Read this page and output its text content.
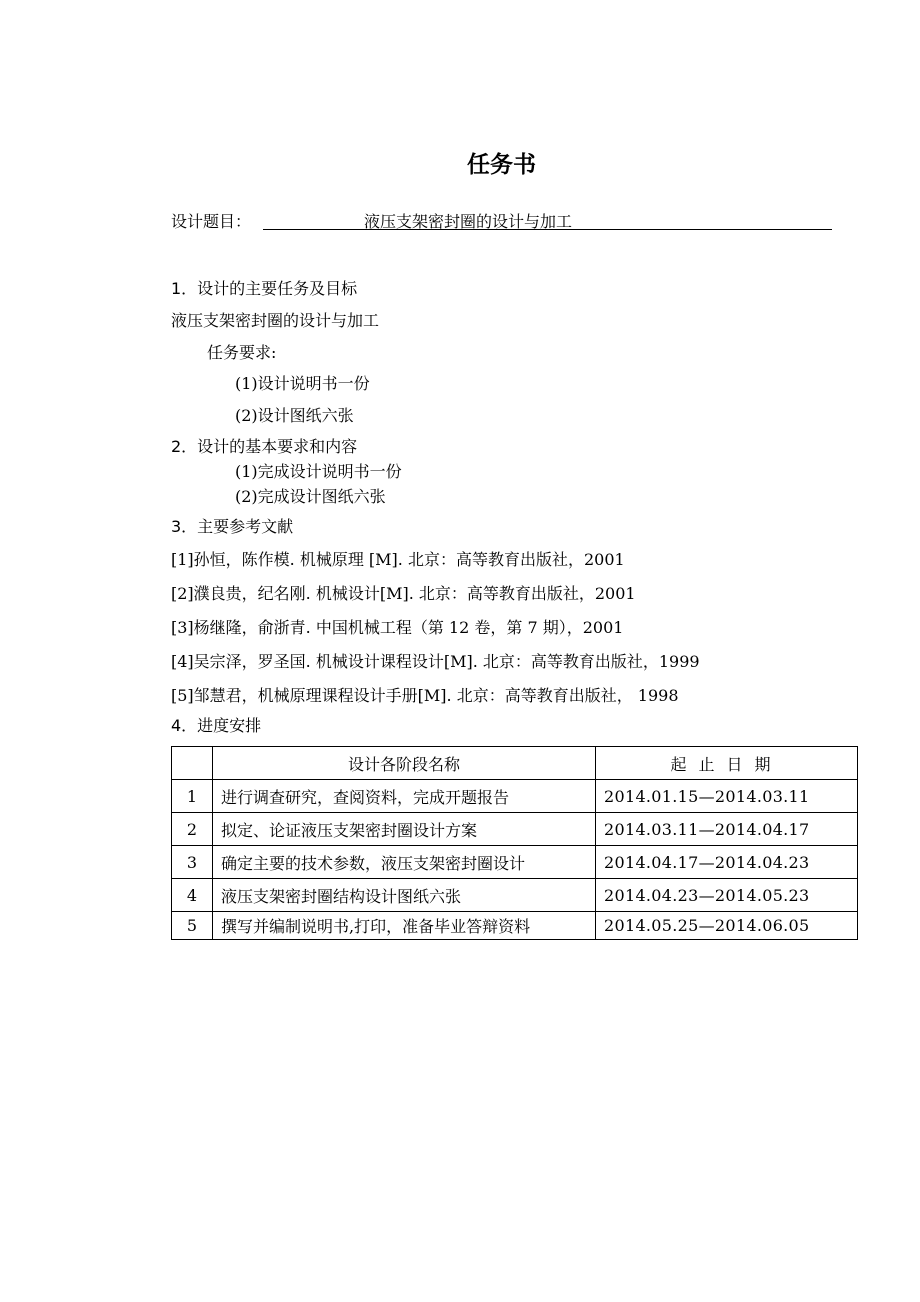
任务书
设计题目：	液压支架密封圈的设计与加工
1．设计的主要任务及目标
液压支架密封圈的设计与加工
任务要求:
(1)设计说明书一份
(2)设计图纸六张
2．设计的基本要求和内容
(1)完成设计说明书一份
(2)完成设计图纸六张
3．主要参考文献
[1]孙恒，陈作模. 机械原理 [M]. 北京：高等教育出版社，2001
[2]濮良贵，纪名刚. 机械设计[M]. 北京：高等教育出版社，2001
[3]杨继隆，俞浙青. 中国机械工程（第 12 卷，第 7 期），2001
[4]吴宗泽，罗圣国. 机械设计课程设计[M]. 北京：高等教育出版社，1999
[5]邹慧君，机械原理课程设计手册[M]. 北京：高等教育出版社， 1998
4．进度安排
	设计各阶段名称	起止日期
1	进行调查研究，查阅资料，完成开题报告	2014.01.15—2014.03.11
2	拟定、论证液压支架密封圈设计方案	2014.03.11—2014.04.17
3	确定主要的技术参数，液压支架密封圈设计	2014.04.17—2014.04.23
4	液压支架密封圈结构设计图纸六张	2014.04.23—2014.05.23
5	撰写并编制说明书,打印，准备毕业答辩资料	2014.05.25—2014.06.05
